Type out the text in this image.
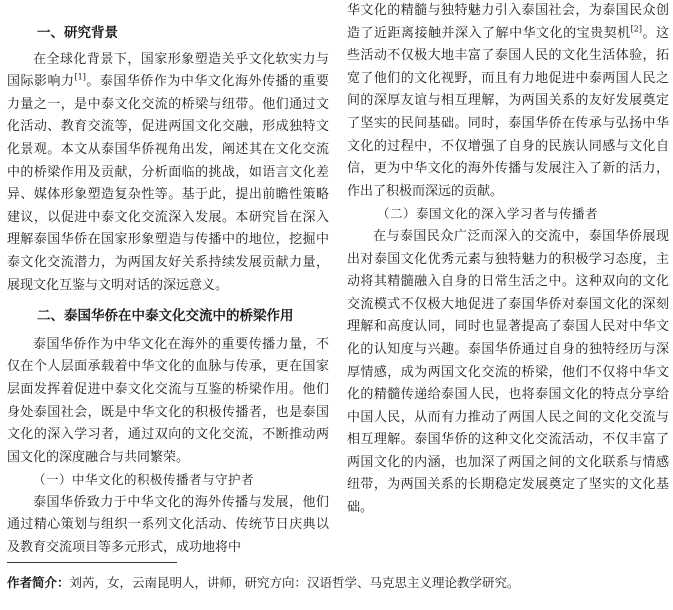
一、研究背景

在全球化背景下，国家形象塑造关乎文化软实力与国际影响力[1]。泰国华侨作为中华文化海外传播的重要力量之一，是中泰文化交流的桥梁与纽带。他们通过文化活动、教育交流等，促进两国文化交融，形成独特文化景观。本文从泰国华侨视角出发，阐述其在文化交流中的桥梁作用及贡献，分析面临的挑战，如语言文化差异、媒体形象塑造复杂性等。基于此，提出前瞻性策略建议，以促进中泰文化交流深入发展。本研究旨在深入理解泰国华侨在国家形象塑造与传播中的地位，挖掘中泰文化交流潜力，为两国友好关系持续发展贡献力量，展现文化互鉴与文明对话的深远意义。

二、泰国华侨在中泰文化交流中的桥梁作用

泰国华侨作为中华文化在海外的重要传播力量，不仅在个人层面承载着中华文化的血脉与传承，更在国家层面发挥着促进中泰文化交流与互鉴的桥梁作用。他们身处泰国社会，既是中华文化的积极传播者，也是泰国文化的深入学习者，通过双向的文化交流，不断推动两国文化的深度融合与共同繁荣。

（一）中华文化的积极传播者与守护者

泰国华侨致力于中华文化的海外传播与发展，他们通过精心策划与组织一系列文化活动、传统节日庆典以及教育交流项目等多元形式，成功地将中

华文化的精髓与独特魅力引入泰国社会，为泰国民众创造了近距离接触并深入了解中华文化的宝贵契机[2]。这些活动不仅极大地丰富了泰国人民的文化生活体验，拓宽了他们的文化视野，而且有力地促进中泰两国人民之间的深厚友谊与相互理解，为两国关系的友好发展奠定了坚实的民间基础。同时，泰国华侨在传承与弘扬中华文化的过程中，不仅增强了自身的民族认同感与文化自信，更为中华文化的海外传播与发展注入了新的活力，作出了积极而深远的贡献。

（二）泰国文化的深入学习者与传播者

在与泰国民众广泛而深入的交流中，泰国华侨展现出对泰国文化优秀元素与独特魅力的积极学习态度，主动将其精髓融入自身的日常生活之中。这种双向的文化交流模式不仅极大地促进了泰国华侨对泰国文化的深刻理解和高度认同，同时也显著提高了泰国人民对中华文化的认知度与兴趣。泰国华侨通过自身的独特经历与深厚情感，成为两国文化交流的桥梁，他们不仅将中华文化的精髓传递给泰国人民，也将泰国文化的特点分享给中国人民，从而有力推动了两国人民之间的文化交流与相互理解。泰国华侨的这种文化交流活动，不仅丰富了两国文化的内涵，也加深了两国之间的文化联系与情感纽带，为两国关系的长期稳定发展奠定了坚实的文化基础。

作者简介：刘芮，女，云南昆明人，讲师，研究方向：汉语哲学、马克思主义理论教学研究。
